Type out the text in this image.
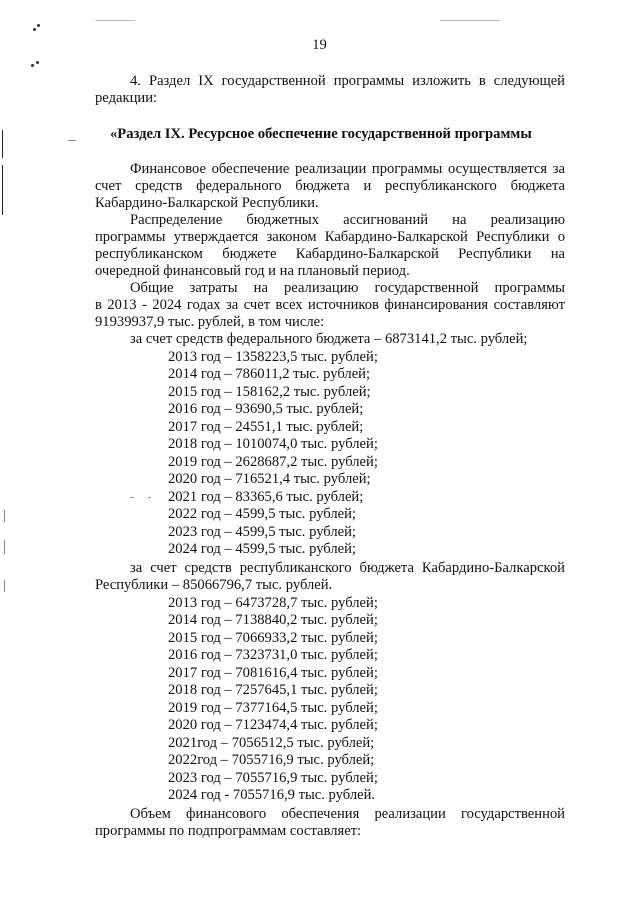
19
4. Раздел IX государственной программы изложить в следующей
редакции:
«Раздел IX. Ресурсное обеспечение государственной программы
Финансовое обеспечение реализации программы осуществляется за
счет средств федерального бюджета и республиканского бюджета
Кабардино-Балкарской Республики.
Распределение бюджетных ассигнований на реализацию
программы утверждается законом Кабардино-Балкарской Республики о
республиканском бюджете Кабардино-Балкарской Республики на
очередной финансовый год и на плановый период.
Общие затраты на реализацию государственной программы
в 2013 - 2024 годах за счет всех источников финансирования составляют
91939937,9 тыс. рублей, в том числе:
за счет средств федерального бюджета – 6873141,2 тыс. рублей;
2013 год – 1358223,5 тыс. рублей;
2014 год – 786011,2 тыс. рублей;
2015 год – 158162,2 тыс. рублей;
2016 год – 93690,5 тыс. рублей;
2017 год – 24551,1 тыс. рублей;
2018 год – 1010074,0 тыс. рублей;
2019 год – 2628687,2 тыс. рублей;
2020 год – 716521,4 тыс. рублей;
2021 год – 83365,6 тыс. рублей;
2022 год – 4599,5 тыс. рублей;
2023 год – 4599,5 тыс. рублей;
2024 год – 4599,5 тыс. рублей;
за счет средств республиканского бюджета Кабардино-Балкарской
Республики – 85066796,7 тыс. рублей.
2013 год – 6473728,7 тыс. рублей;
2014 год – 7138840,2 тыс. рублей;
2015 год – 7066933,2 тыс. рублей;
2016 год – 7323731,0 тыс. рублей;
2017 год – 7081616,4 тыс. рублей;
2018 год – 7257645,1 тыс. рублей;
2019 год – 7377164,5 тыс. рублей;
2020 год – 7123474,4 тыс. рублей;
2021год – 7056512,5 тыс. рублей;
2022год – 7055716,9 тыс. рублей;
2023 год – 7055716,9 тыс. рублей;
2024 год - 7055716,9 тыс. рублей.
Объем финансового обеспечения реализации государственной
программы по подпрограммам составляет:
